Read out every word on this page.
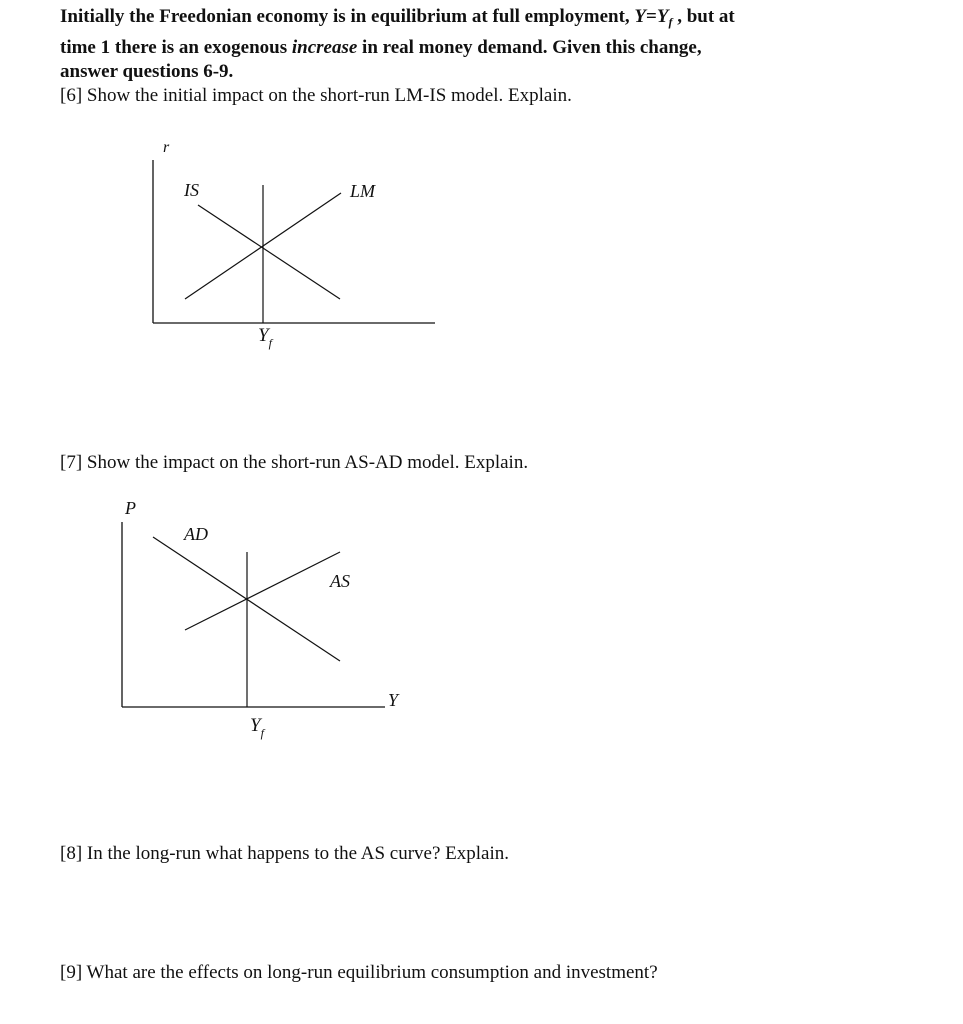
Initially the Freedonian economy is in equilibrium at full employment, $Y=Y_f$ , but at
time 1 there is an exogenous increase in real money demand. Given this change,
answer questions 6-9.
[6] Show the initial impact on the short-run LM-IS model. Explain.
r
IS	LM
$Y_f$
P
AD
AS
Y
$Y_f$
[7] Show the impact on the short-run AS-AD model. Explain.
[8] In the long-run what happens to the AS curve? Explain.
[9] What are the effects on long-run equilibrium consumption and investment?
